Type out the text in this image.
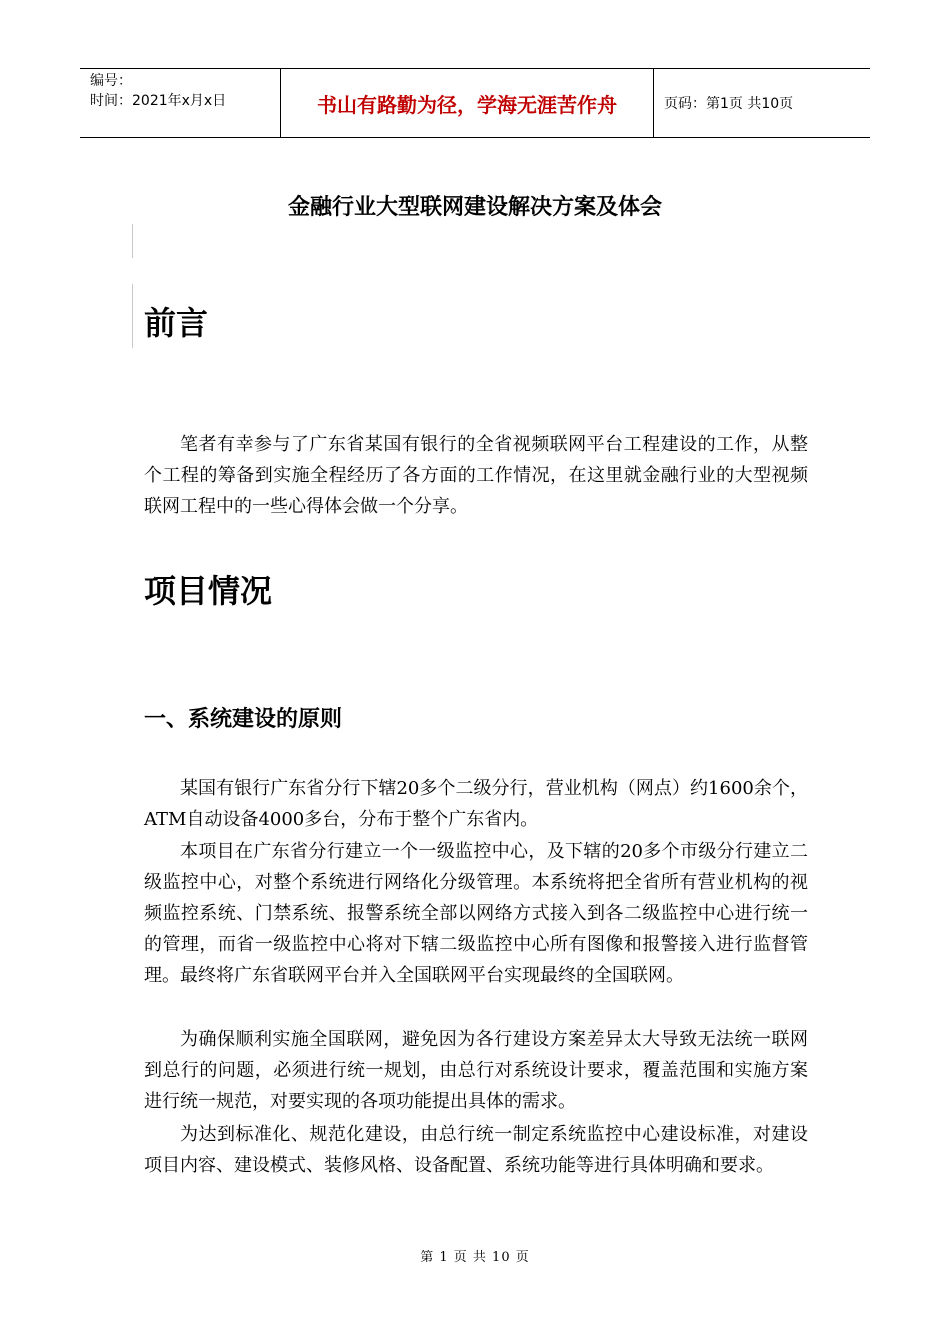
编号：
时间：2021年x月x日	书山有路勤为径，学海无涯苦作舟	页码：第1页 共10页
金融行业大型联网建设解决方案及体会
前言

笔者有幸参与了广东省某国有银行的全省视频联网平台工程建设的工作，从整个工程的筹备到实施全程经历了各方面的工作情况，在这里就金融行业的大型视频联网工程中的一些心得体会做一个分享。

项目情况
一、系统建设的原则

某国有银行广东省分行下辖20多个二级分行，营业机构（网点）约1600余个，ATM自动设备4000多台，分布于整个广东省内。

本项目在广东省分行建立一个一级监控中心，及下辖的20多个市级分行建立二级监控中心，对整个系统进行网络化分级管理。本系统将把全省所有营业机构的视频监控系统、门禁系统、报警系统全部以网络方式接入到各二级监控中心进行统一的管理，而省一级监控中心将对下辖二级监控中心所有图像和报警接入进行监督管理。最终将广东省联网平台并入全国联网平台实现最终的全国联网。

为确保顺利实施全国联网，避免因为各行建设方案差异太大导致无法统一联网到总行的问题，必须进行统一规划，由总行对系统设计要求，覆盖范围和实施方案进行统一规范，对要实现的各项功能提出具体的需求。

为达到标准化、规范化建设，由总行统一制定系统监控中心建设标准，对建设项目内容、建设模式、装修风格、设备配置、系统功能等进行具体明确和要求。

第 1 页 共 10 页
